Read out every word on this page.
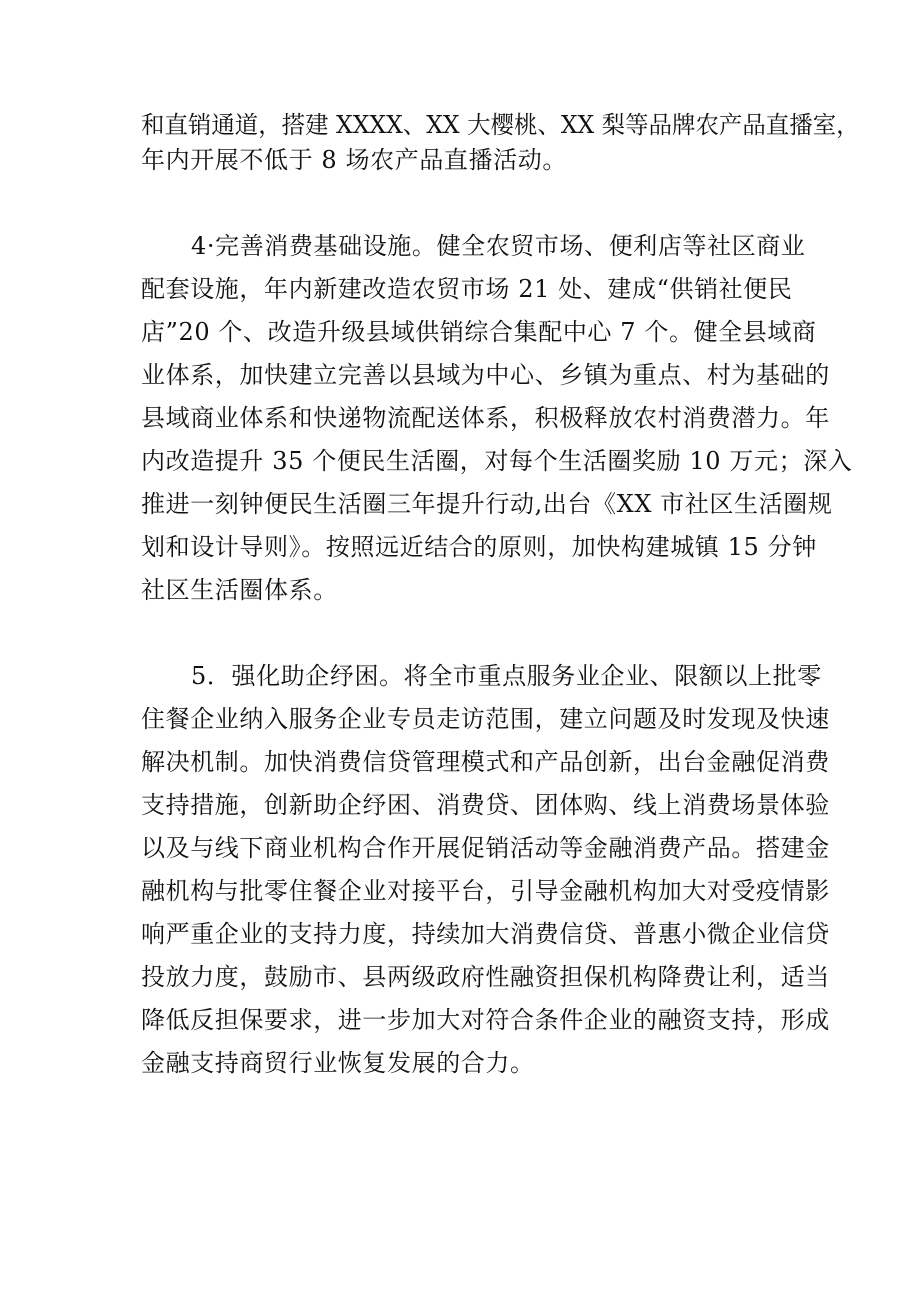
和直销通道，搭建 XXXX、XX 大樱桃、XX 梨等品牌农产品直播室，
年内开展不低于 8 场农产品直播活动。
4·完善消费基础设施。健全农贸市场、便利店等社区商业
配套设施，年内新建改造农贸市场 21 处、建成“供销社便民
店”20 个、改造升级县域供销综合集配中心 7 个。健全县域商
业体系，加快建立完善以县域为中心、乡镇为重点、村为基础的
县域商业体系和快递物流配送体系，积极释放农村消费潜力。年
内改造提升 35 个便民生活圈，对每个生活圈奖励 10 万元；深入
推进一刻钟便民生活圈三年提升行动,出台《XX 市社区生活圈规
划和设计导则》。按照远近结合的原则，加快构建城镇 15 分钟
社区生活圈体系。
5．强化助企纾困。将全市重点服务业企业、限额以上批零
住餐企业纳入服务企业专员走访范围，建立问题及时发现及快速
解决机制。加快消费信贷管理模式和产品创新，出台金融促消费
支持措施，创新助企纾困、消费贷、团体购、线上消费场景体验
以及与线下商业机构合作开展促销活动等金融消费产品。搭建金
融机构与批零住餐企业对接平台，引导金融机构加大对受疫情影
响严重企业的支持力度，持续加大消费信贷、普惠小微企业信贷
投放力度，鼓励市、县两级政府性融资担保机构降费让利，适当
降低反担保要求，进一步加大对符合条件企业的融资支持，形成
金融支持商贸行业恢复发展的合力。
